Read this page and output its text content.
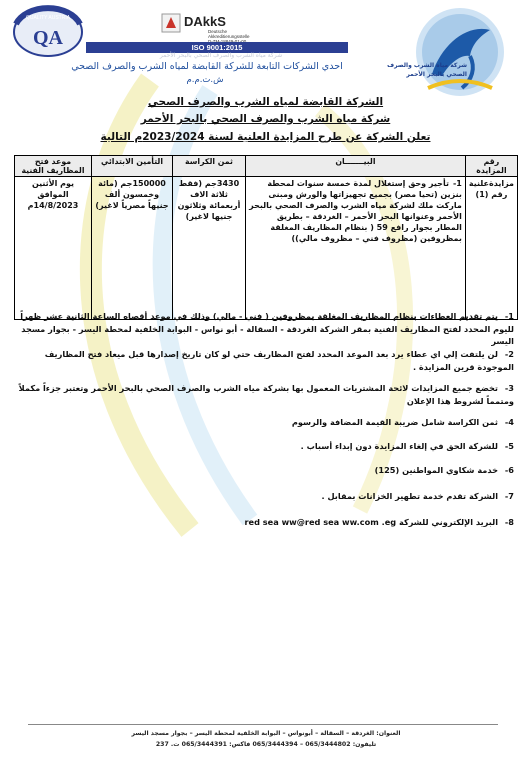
QUALITY AUSTRIA
QA
DAkkS
Deutsche
Akkreditierungsstelle
ISO 9001:2015
شركة مياه الشرب والصرف الصحي بالبحر الأحمر
احدي الشركات التابعة للشركة القابضة لمياه الشرب والصرف الصحي
ش.ت.م.م
شركة مياه الشرب والصرف
الصحي بالبحر الأحمر
الشركة القابضة لمياه الشرب والصرف الصحي
شركة مياه الشرب والصرف الصحي بالبحر الأحمر
تعلن الشركة عن طرح المزايدة العلنية لسنة 2023/2024م التالية
رقم المزايدة	البيـــــــان	ثمن الكراسة	التأمين الابتدائي	موعد فتح المظاريف الفنية
مزايدةعلنية رقم (1)	1-تأجير وحق إستغلال لمدة خمسة سنوات لمحطة بنزين (تحيا مصر) بجميع تجهيزاتها والورش ومبنى ماركت ملك لشركة مياه الشرب والصرف الصحي بالبحر الأحمر وعنوانها البحر الأحمر – الغردقة – بطريق المطار بجوار رافع 59 ( بنظام المظاريف المغلقة بمظروفين (مظروف فني – مظروف مالي))	3430جم (فقط ثلاثة الاف أربعمائة وثلاثون جنيها لاغير)	150000جم (مائة وخمسون ألف جنيهاً مصرياً لاغير)	يوم الأثنين الموافق 14/8/2023م
1-يتم تقديم العطاءات بنظام المظاريف المغلقة بمظروفين ( فني - مالي) وذلك في موعد أقصاه الساعة الثانية عشر ظهراً لليوم المحدد لفتح المظاريف الفنية بمقر الشركة الغردقة - السقالة - أبو نواس - البوابة الخلفية لمحطة اليسر - بجوار مسجد اليسر
2-لن يلتفت إلي اي عطاء يرد بعد الموعد المحدد لفتح المظاريف حتي لو كان تاريخ إصدارها قبل ميعاد فتح المظاريف الموجودة قرين المزايدة .
3-تخضع جميع المزايدات لائحة المشتريات المعمول بها بشركة مياه الشرب والصرف الصحي بالبحر الأحمر وتعتبر جزءاً مكملاً ومتمماً لشروط هذا الإعلان
4-ثمن الكراسة شامل ضريبة القيمة المضافة والرسوم
5-للشركة الحق في إلغاء المزايدة دون إبداء أسباب .
6-خدمة شكاوي المواطنين (125)
7-الشركة تقدم خدمة تطهير الخزانات بمقابل .
8-البريد الإلكتروني للشركة red sea ww@red sea ww.com .eg
العنوان: الغردقة – السقالة – أبونواس – البوابة الخلفية لمحطة اليسر – بجوار مسجد اليسر
تليفون: 065/3444802 – 065/3444394 فاكس: 065/3444391 ت. 237
